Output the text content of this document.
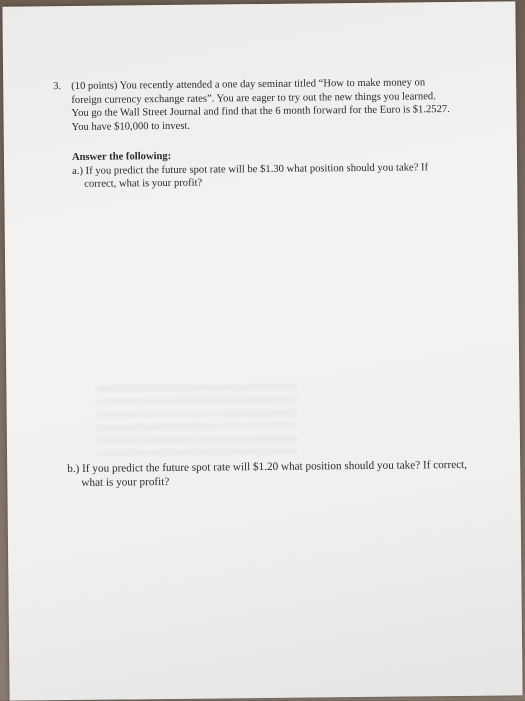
3. (10 points) You recently attended a one day seminar titled “How to make money on
foreign currency exchange rates”. You are eager to try out the new things you learned.
You go the Wall Street Journal and find that the 6 month forward for the Euro is $1.2527.
You have $10,000 to invest.
Answer the following:
a.) If you predict the future spot rate will be $1.30 what position should you take? If
correct, what is your profit?
b.) If you predict the future spot rate will $1.20 what position should you take? If correct,
what is your profit?
